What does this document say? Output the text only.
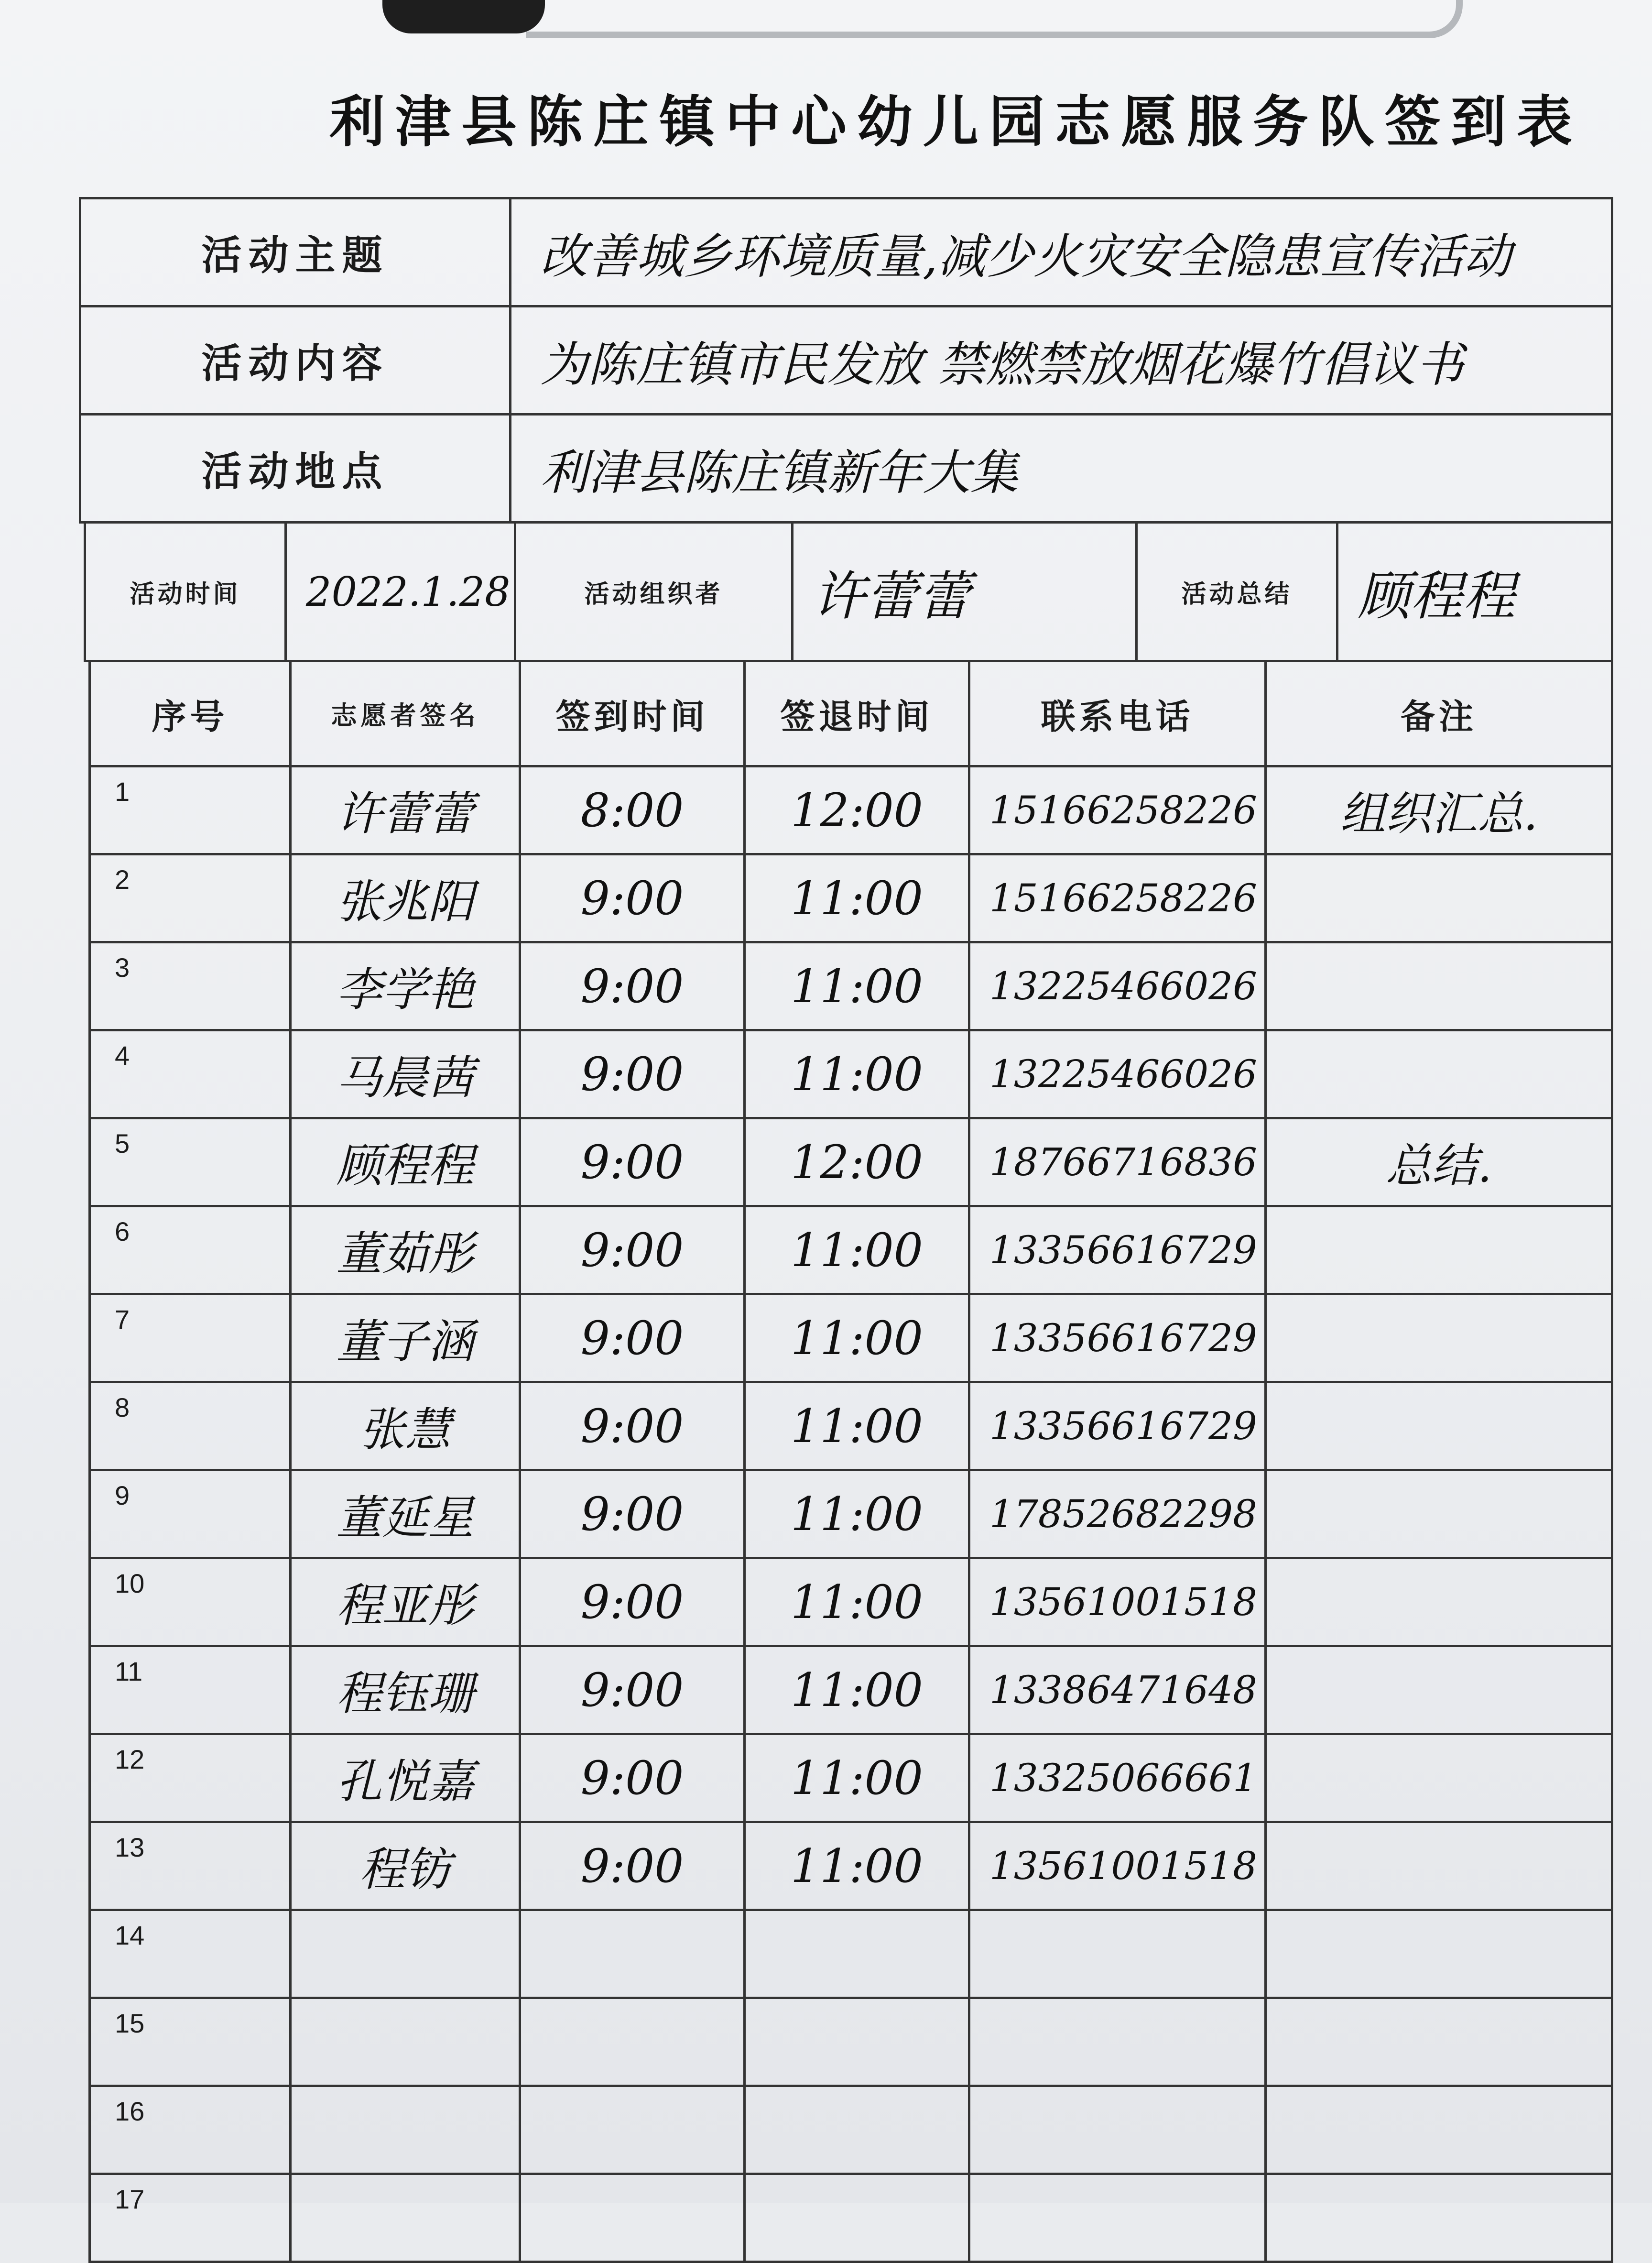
利津县陈庄镇中心幼儿园志愿服务队签到表
活动主题	改善城乡环境质量,减少火灾安全隐患宣传活动
活动内容	为陈庄镇市民发放 禁燃禁放烟花爆竹倡议书
活动地点	利津县陈庄镇新年大集
活动时间	2022.1.28	活动组织者	许蕾蕾	活动总结	顾程程
序号	志愿者签名	签到时间	签退时间	联系电话	备注
1	许蕾蕾	8:00	12:00	15166258226	组织汇总.
2	张兆阳	9:00	11:00	15166258226	
3	李学艳	9:00	11:00	13225466026	
4	马晨茜	9:00	11:00	13225466026	
5	顾程程	9:00	12:00	18766716836	总结.
6	董茹彤	9:00	11:00	13356616729	
7	董子涵	9:00	11:00	13356616729	
8	张慧	9:00	11:00	13356616729	
9	董延星	9:00	11:00	17852682298	
10	程亚彤	9:00	11:00	13561001518	
11	程钰珊	9:00	11:00	13386471648	
12	孔悦嘉	9:00	11:00	13325066661	
13	程钫	9:00	11:00	13561001518	
14					
15					
16					
17					
